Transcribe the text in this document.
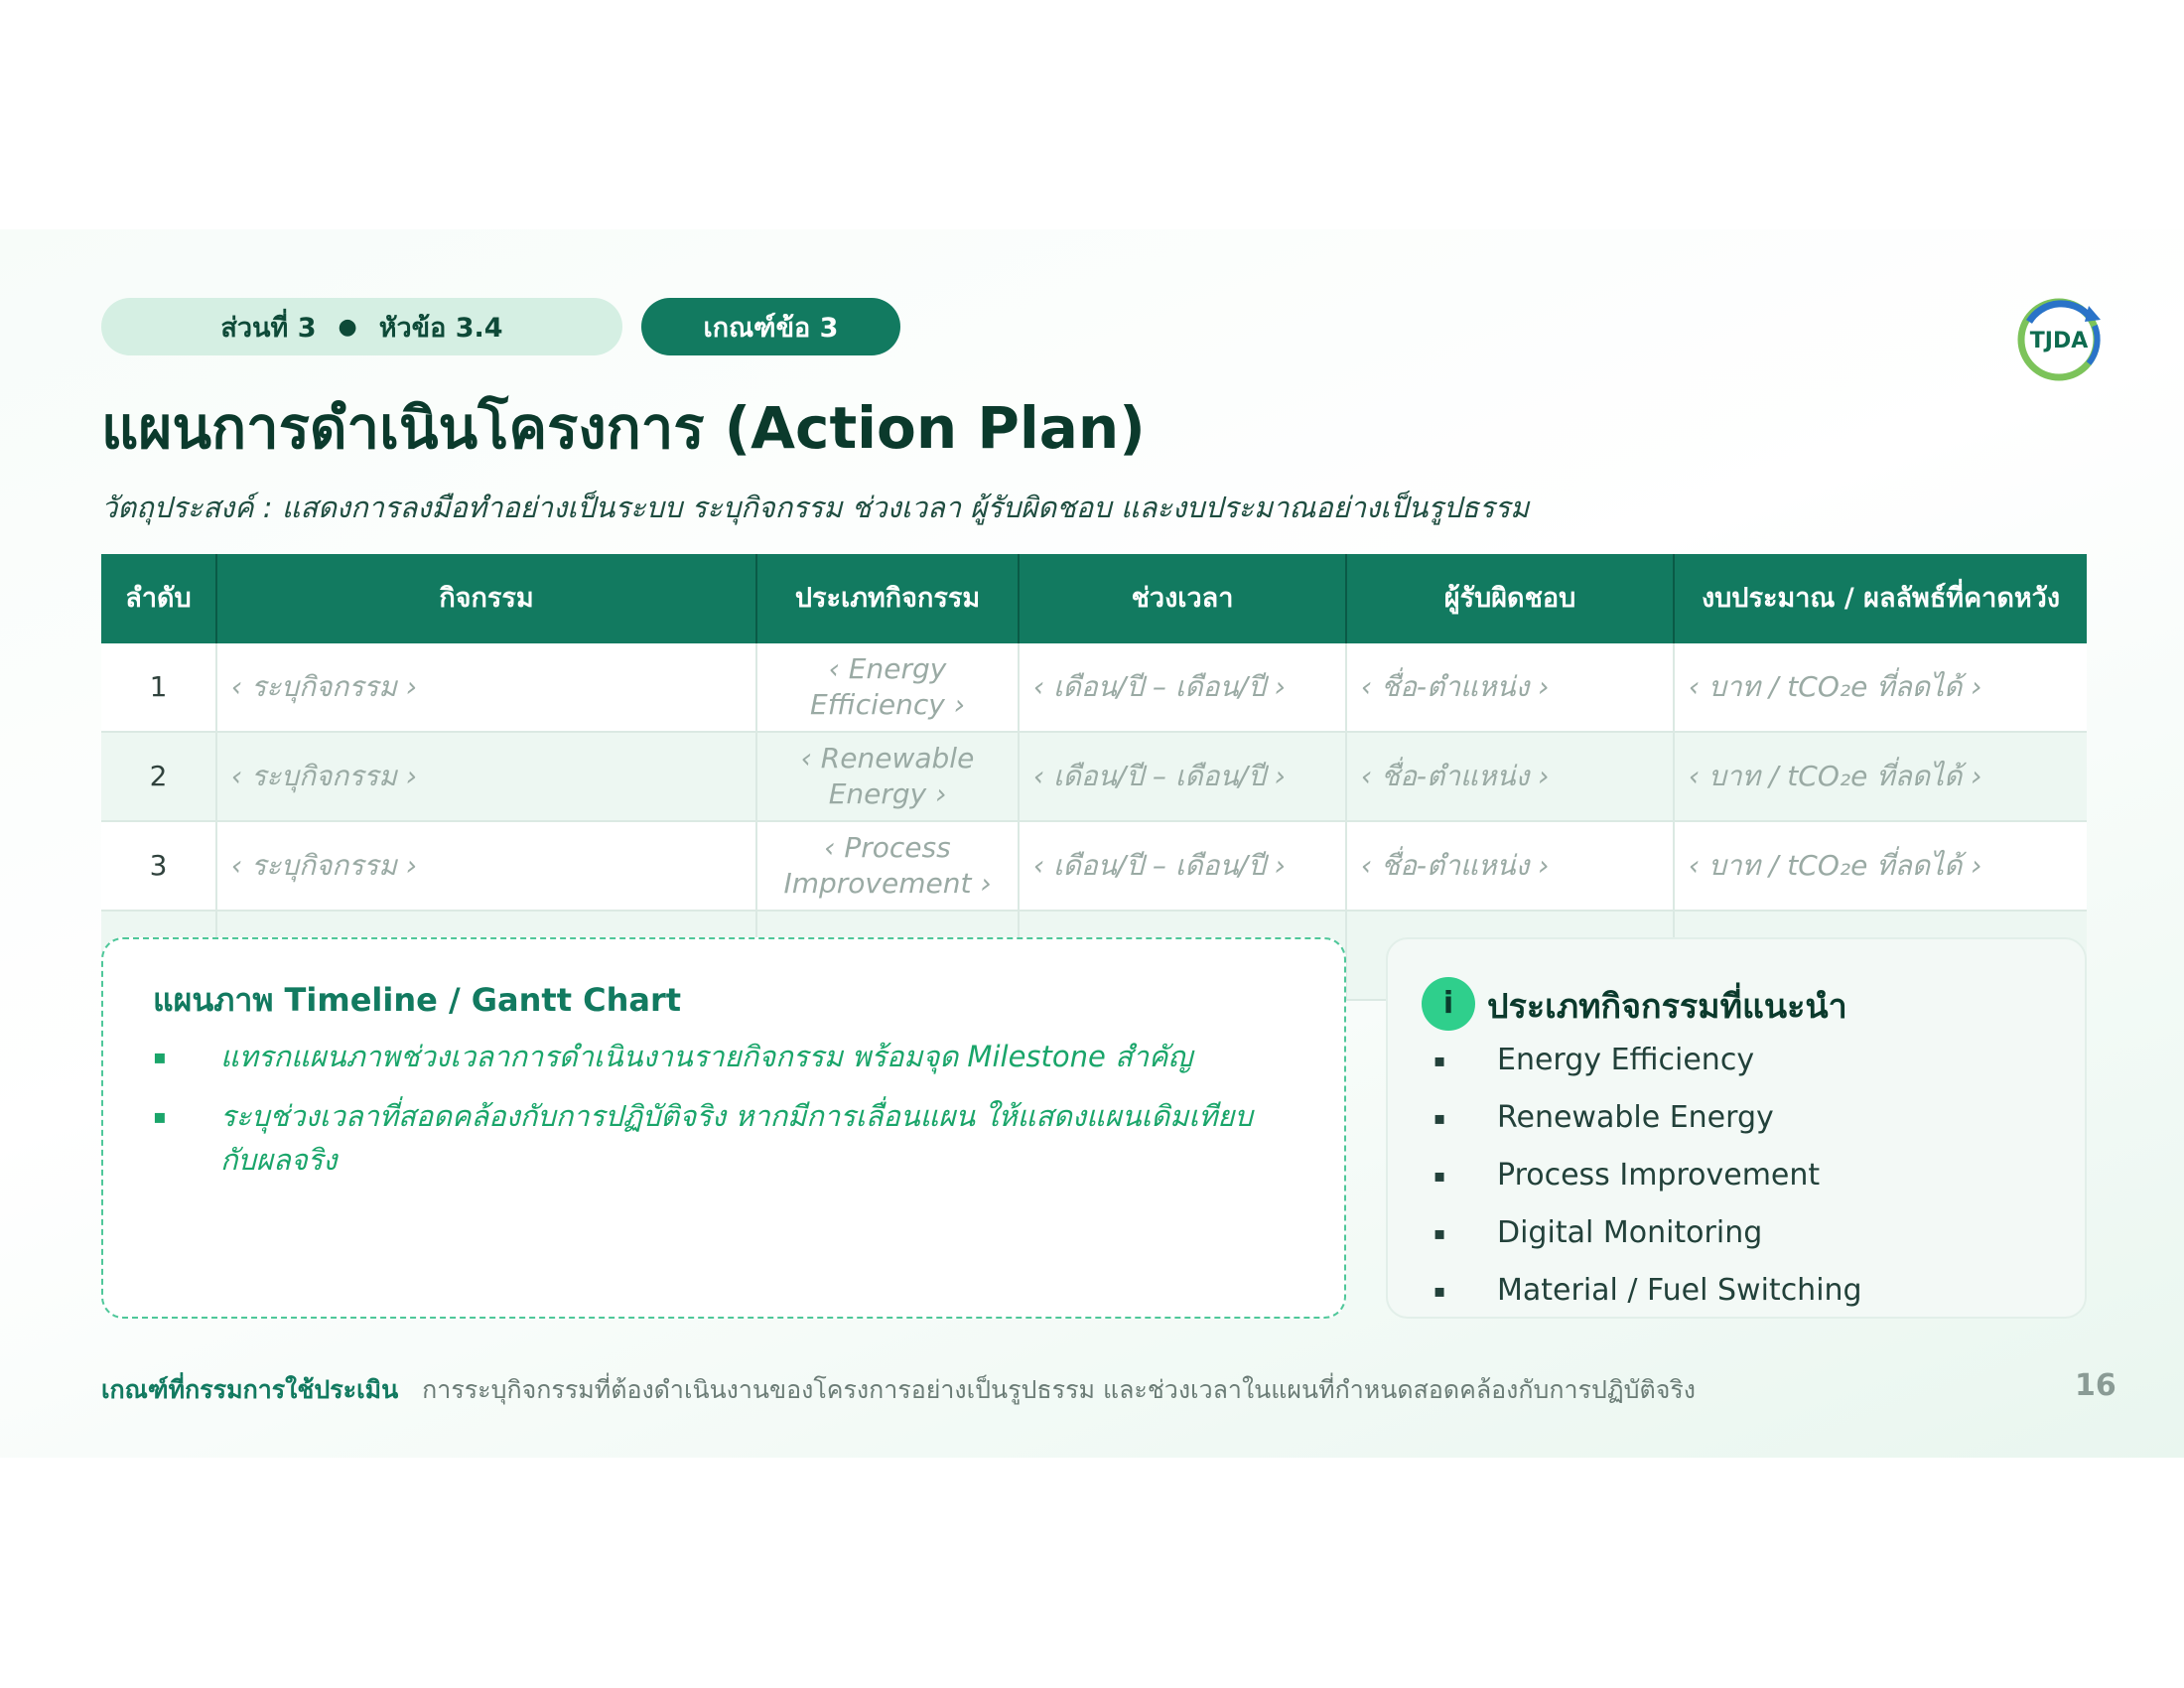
ส่วนที่ 3 ● หัวข้อ 3.4	เกณฑ์ข้อ 3	TJDA
แผนการดำเนินโครงการ (Action Plan)
วัตถุประสงค์ : แสดงการลงมือทำอย่างเป็นระบบ ระบุกิจกรรม ช่วงเวลา ผู้รับผิดชอบ และงบประมาณอย่างเป็นรูปธรรม
ลำดับ	กิจกรรม	ประเภทกิจกรรม	ช่วงเวลา	ผู้รับผิดชอบ	งบประมาณ / ผลลัพธ์ที่คาดหวัง
1	‹ ระบุกิจกรรม ›	‹ Energy Efficiency ›	‹ เดือน/ปี – เดือน/ปี ›	‹ ชื่อ-ตำแหน่ง ›	‹ บาท / tCO₂e ที่ลดได้ ›
2	‹ ระบุกิจกรรม ›	‹ Renewable Energy ›	‹ เดือน/ปี – เดือน/ปี ›	‹ ชื่อ-ตำแหน่ง ›	‹ บาท / tCO₂e ที่ลดได้ ›
3	‹ ระบุกิจกรรม ›	‹ Process Improvement ›	‹ เดือน/ปี – เดือน/ปี ›	‹ ชื่อ-ตำแหน่ง ›	‹ บาท / tCO₂e ที่ลดได้ ›

แผนภาพ Timeline / Gantt Chart
▪ แทรกแผนภาพช่วงเวลาการดำเนินงานรายกิจกรรม พร้อมจุด Milestone สำคัญ
▪ ระบุช่วงเวลาที่สอดคล้องกับการปฏิบัติจริง หากมีการเลื่อนแผน ให้แสดงแผนเดิมเทียบกับผลจริง
i ประเภทกิจกรรมที่แนะนำ
▪ Energy Efficiency
▪ Renewable Energy
▪ Process Improvement
▪ Digital Monitoring
▪ Material / Fuel Switching
เกณฑ์ที่กรรมการใช้ประเมิน การระบุกิจกรรมที่ต้องดำเนินงานของโครงการอย่างเป็นรูปธรรม และช่วงเวลาในแผนที่กำหนดสอดคล้องกับการปฏิบัติจริง	16
